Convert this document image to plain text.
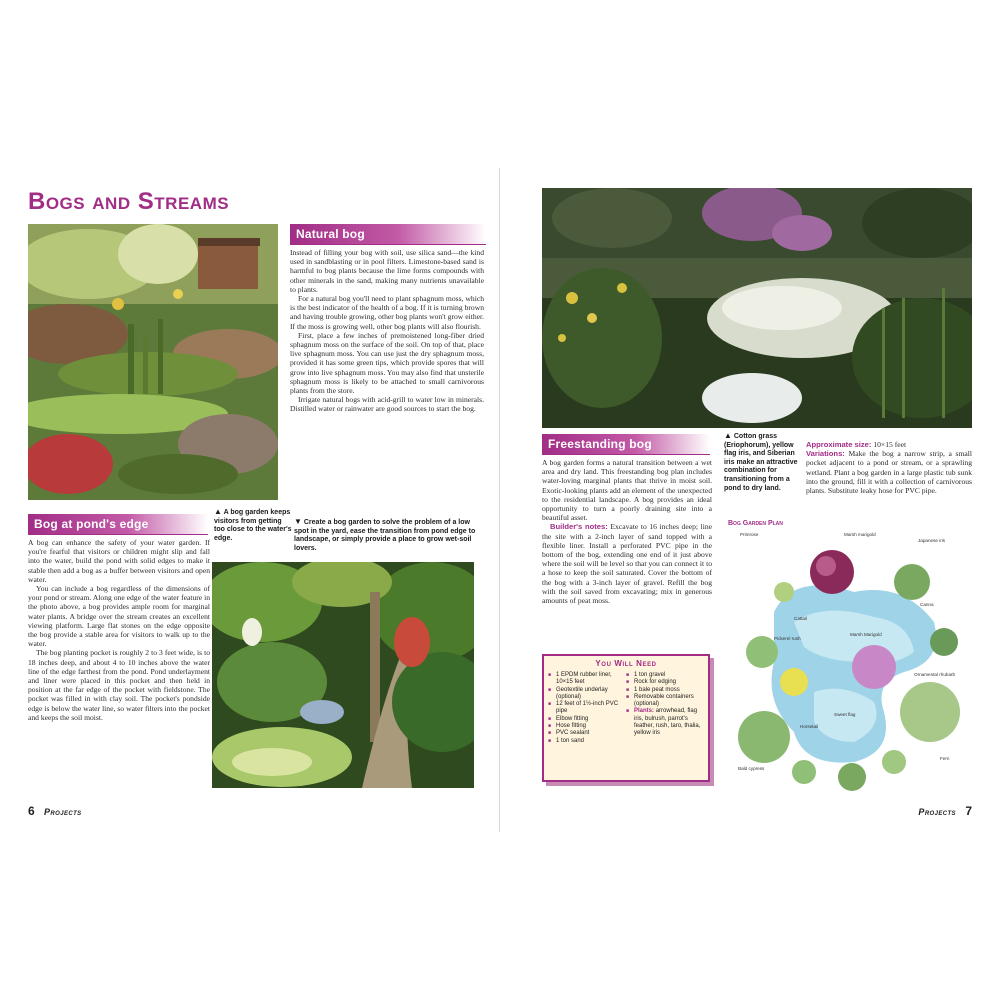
Bogs and Streams
Natural bog

Instead of filling your bog with soil, use silica sand—the kind used in sandblasting or in pool filters. Limestone-based sand is harmful to bog plants because the lime forms compounds with other minerals in the sand, making many nutrients unavailable to plants.

For a natural bog you'll need to plant sphagnum moss, which is the best indicator of the health of a bog. If it is turning brown and having trouble growing, other bog plants won't grow either. If the moss is growing well, other bog plants will also flourish.

First, place a few inches of premoistened long-fiber dried sphagnum moss on the surface of the soil. On top of that, place live sphagnum moss. You can use just the dry sphagnum moss, provided it has some green tips, which provide spores that will grow into live sphagnum moss. You may also find that unsterile sphagnum moss is likely to be attached to small carnivorous plants from the store.

Irrigate natural bogs with acid-grill to water low in minerals. Distilled water or rainwater are good sources to start the bog.

Bog at pond's edge

A bog can enhance the safety of your water garden. If you're fearful that visitors or children might slip and fall into the water, build the pond with solid edges to make it stable then add a bog as a buffer between visitors and open water.

You can include a bog regardless of the dimensions of your pond or stream. Along one edge of the water feature in the photo above, a bog provides ample room for marginal water plants. A bridge over the stream creates an excellent viewing platform. Large flat stones on the edge opposite the bog provide a stable area for visitors to walk up to the water.

The bog planting pocket is roughly 2 to 3 feet wide, is to 18 inches deep, and about 4 to 10 inches above the water line of the edge farthest from the pond. Pond underlayment and liner were placed in this pocket and then held in position at the far edge of the pocket with fieldstone. The pocket was filled in with clay soil. The pocket's pondside edge is below the water line, so water filters into the pocket and keeps the soil moist.

▲ A bog garden keeps visitors from getting too close to the water's edge.
▼ Create a bog garden to solve the problem of a low spot in the yard, ease the transition from pond edge to landscape, or simply provide a place to grow wet-soil lovers.
6 Projects
Freestanding bog

A bog garden forms a natural transition between a wet area and dry land. This freestanding bog plan includes water-loving marginal plants that thrive in moist soil. Exotic-looking plants add an element of the unexpected to the residential landscape. A bog provides an ideal opportunity to turn a poorly draining site into a beautiful asset.

Builder's notes: Excavate to 16 inches deep; line the site with a 2-inch layer of sand topped with a flexible liner. Install a perforated PVC pipe in the bottom of the bog, extending one end of it just above where the soil will be level so that you can connect it to a hose to keep the soil saturated. Cover the bottom of the bog with a 3-inch layer of gravel. Refill the bog with the soil saved from excavating; mix in generous amounts of peat moss.

▲ Cotton grass (Eriophorum), yellow flag iris, and Siberian iris make an attractive combination for transitioning from a pond to dry land.

Approximate size: 10×15 feet

Variations: Make the bog a narrow strip, a small pocket adjacent to a pond or stream, or a sprawling wetland. Plant a bog garden in a large plastic tub sunk into the ground, fill it with a collection of carnivorous plants. Substitute leaky hose for PVC pipe.

Bog Garden Plan
Primrose	Marsh marigold
Japanese iris
Canna
Marsh Marigold
Cattail
Pickerel rush
Ornamental rhubarb
Sweet flag
Horsetail
Bald cypress
Fern
You Will Need
■ 1 EPDM rubber liner, 10×15 feet
■ Geotextile underlay (optional)
■ 12 feet of 1½-inch PVC pipe
■ Elbow fitting
■ Hose fitting
■ PVC sealant
■ 1 ton sand
■ 1 ton gravel
■ Rock for edging
■ 1 bale peat moss
■ Removable containers (optional)
■ Plants: arrowhead, flag iris, bulrush, parrot's feather, rush, taro, thalia, yellow iris
Projects 7
